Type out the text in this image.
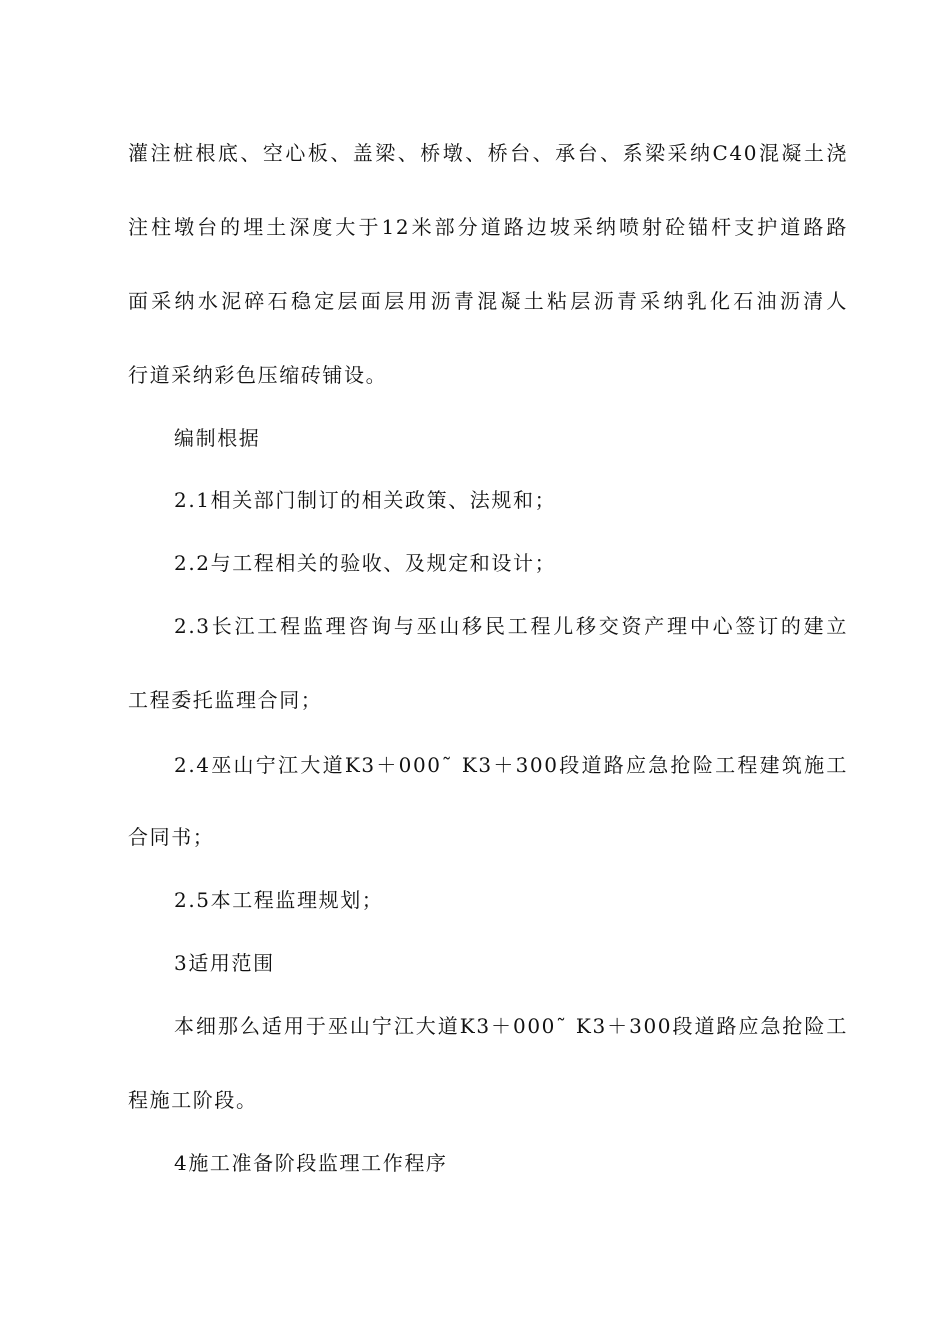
灌注桩根底、空心板、盖梁、桥墩、桥台、承台、系梁采纳C40混凝土浇
注柱墩台的埋土深度大于12米部分道路边坡采纳喷射砼锚杆支护道路路
面采纳水泥碎石稳定层面层用沥青混凝土粘层沥青采纳乳化石油沥清人
行道采纳彩色压缩砖铺设。
编制根据
2.1相关部门制订的相关政策、法规和；
2.2与工程相关的验收、及规定和设计；
2.3长江工程监理咨询与巫山移民工程儿移交资产理中心签订的建立
工程委托监理合同；
2.4巫山宁江大道K3＋000˜ K3＋300段道路应急抢险工程建筑施工
合同书；
2.5本工程监理规划；
3适用范围
本细那么适用于巫山宁江大道K3＋000˜ K3＋300段道路应急抢险工
程施工阶段。
4施工准备阶段监理工作程序
